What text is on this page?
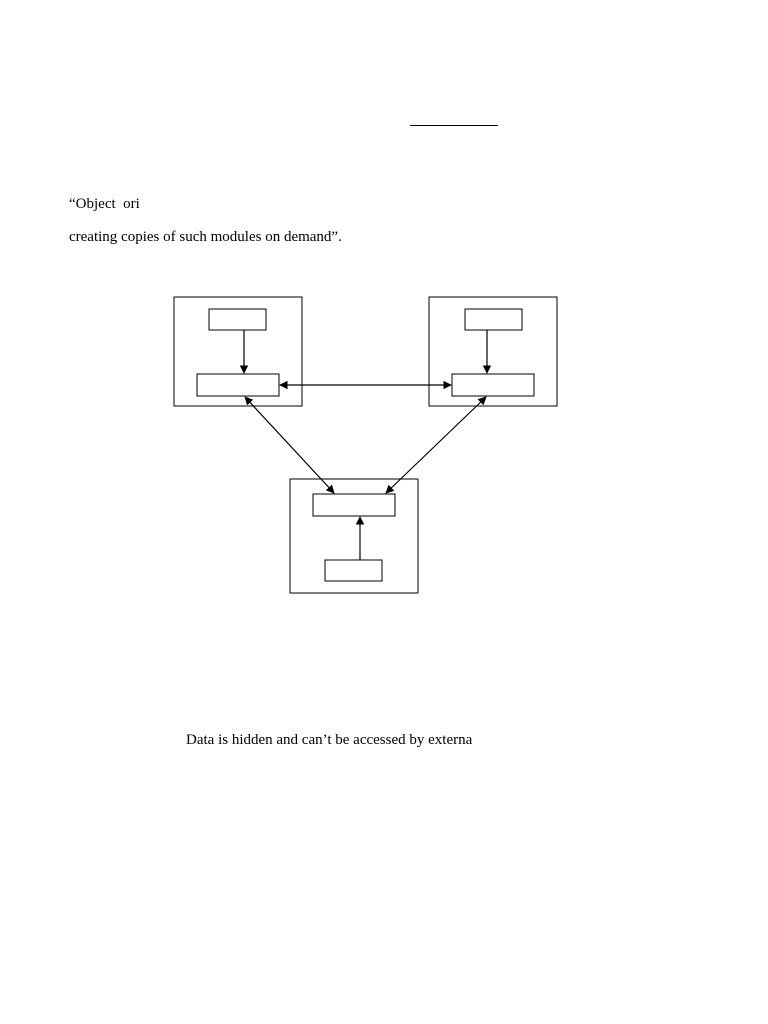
“Object  ori
creating copies of such modules on demand”.
Data is hidden and can’t be accessed by externa
